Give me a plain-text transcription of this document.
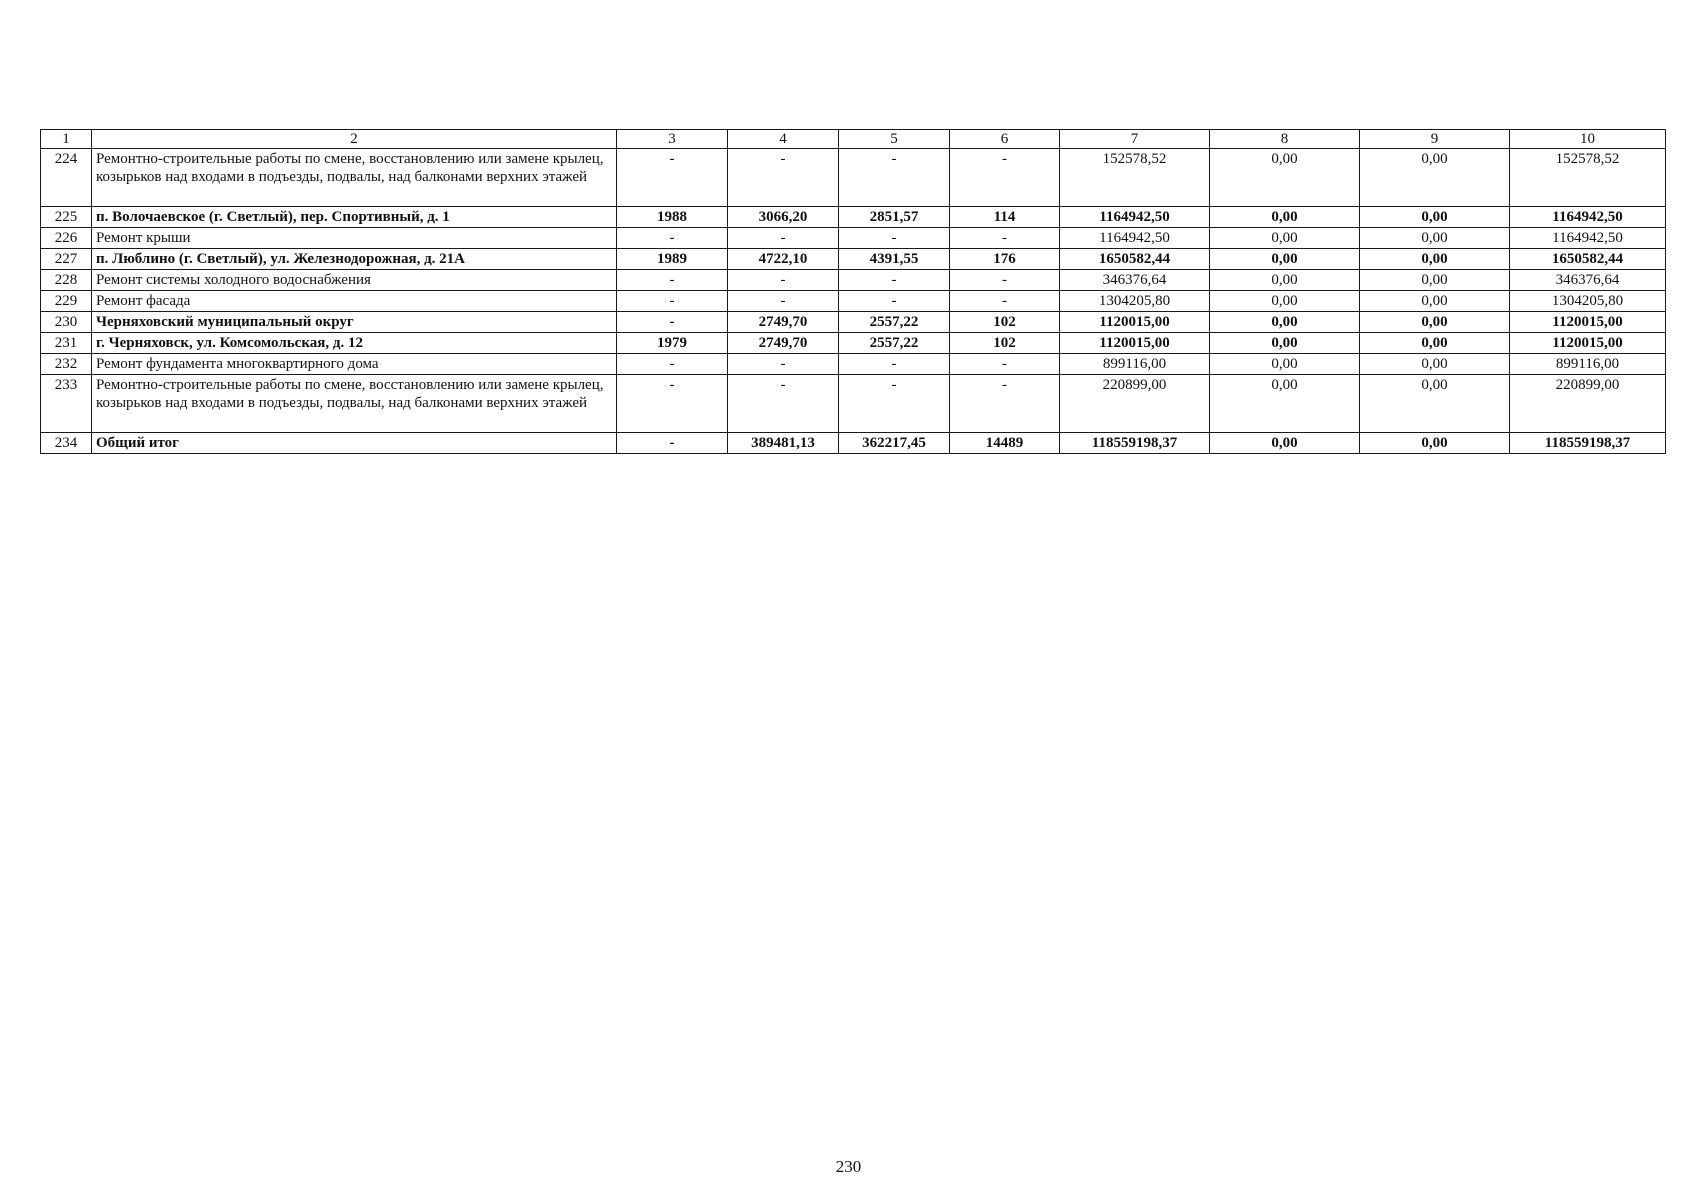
1	2	3	4	5	6	7	8	9	10
224	Ремонтно-строительные работы по смене, восстановлению или замене крылец, козырьков над входами в подъезды, подвалы, над балконами верхних этажей	-	-	-	-	152578,52	0,00	0,00	152578,52
225	п. Волочаевское (г. Светлый), пер. Спортивный, д. 1	1988	3066,20	2851,57	114	1164942,50	0,00	0,00	1164942,50
226	Ремонт крыши	-	-	-	-	1164942,50	0,00	0,00	1164942,50
227	п. Люблино (г. Светлый), ул. Железнодорожная, д. 21А	1989	4722,10	4391,55	176	1650582,44	0,00	0,00	1650582,44
228	Ремонт системы холодного водоснабжения	-	-	-	-	346376,64	0,00	0,00	346376,64
229	Ремонт фасада	-	-	-	-	1304205,80	0,00	0,00	1304205,80
230	Черняховский муниципальный округ	-	2749,70	2557,22	102	1120015,00	0,00	0,00	1120015,00
231	г. Черняховск, ул. Комсомольская, д. 12	1979	2749,70	2557,22	102	1120015,00	0,00	0,00	1120015,00
232	Ремонт фундамента многоквартирного дома	-	-	-	-	899116,00	0,00	0,00	899116,00
233	Ремонтно-строительные работы по смене, восстановлению или замене крылец, козырьков над входами в подъезды, подвалы, над балконами верхних этажей	-	-	-	-	220899,00	0,00	0,00	220899,00
234	Общий итог	-	389481,13	362217,45	14489	118559198,37	0,00	0,00	118559198,37
230
